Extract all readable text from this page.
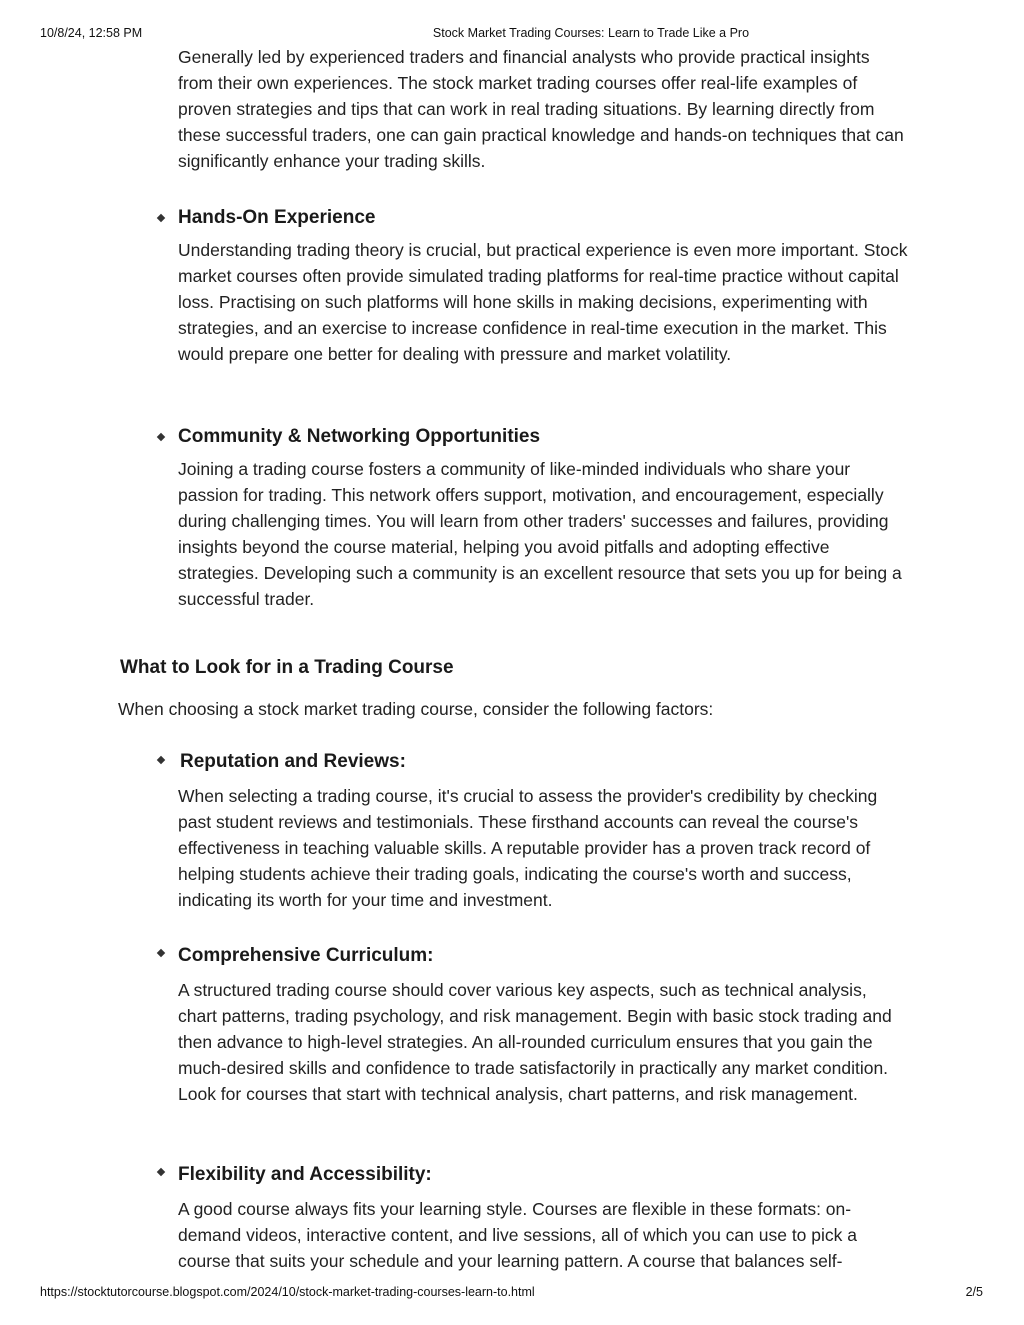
10/8/24, 12:58 PM	Stock Market Trading Courses: Learn to Trade Like a Pro

Generally led by experienced traders and financial analysts who provide practical insights from their own experiences. The stock market trading courses offer real-life examples of proven strategies and tips that can work in real trading situations. By learning directly from these successful traders, one can gain practical knowledge and hands-on techniques that can significantly enhance your trading skills.

Hands-On Experience

Understanding trading theory is crucial, but practical experience is even more important. Stock market courses often provide simulated trading platforms for real-time practice without capital loss. Practising on such platforms will hone skills in making decisions, experimenting with strategies, and an exercise to increase confidence in real-time execution in the market. This would prepare one better for dealing with pressure and market volatility.

Community & Networking Opportunities

Joining a trading course fosters a community of like-minded individuals who share your passion for trading. This network offers support, motivation, and encouragement, especially during challenging times. You will learn from other traders' successes and failures, providing insights beyond the course material, helping you avoid pitfalls and adopting effective strategies. Developing such a community is an excellent resource that sets you up for being a successful trader.

What to Look for in a Trading Course

When choosing a stock market trading course, consider the following factors:

Reputation and Reviews:

When selecting a trading course, it's crucial to assess the provider's credibility by checking past student reviews and testimonials. These firsthand accounts can reveal the course's effectiveness in teaching valuable skills. A reputable provider has a proven track record of helping students achieve their trading goals, indicating the course's worth and success, indicating its worth for your time and investment.

Comprehensive Curriculum:

A structured trading course should cover various key aspects, such as technical analysis, chart patterns, trading psychology, and risk management. Begin with basic stock trading and then advance to high-level strategies. An all-rounded curriculum ensures that you gain the much-desired skills and confidence to trade satisfactorily in practically any market condition. Look for courses that start with technical analysis, chart patterns, and risk management.

Flexibility and Accessibility:

A good course always fits your learning style. Courses are flexible in these formats: on-demand videos, interactive content, and live sessions, all of which you can use to pick a course that suits your schedule and your learning pattern. A course that balances self-

https://stocktutorcourse.blogspot.com/2024/10/stock-market-trading-courses-learn-to.html	2/5
